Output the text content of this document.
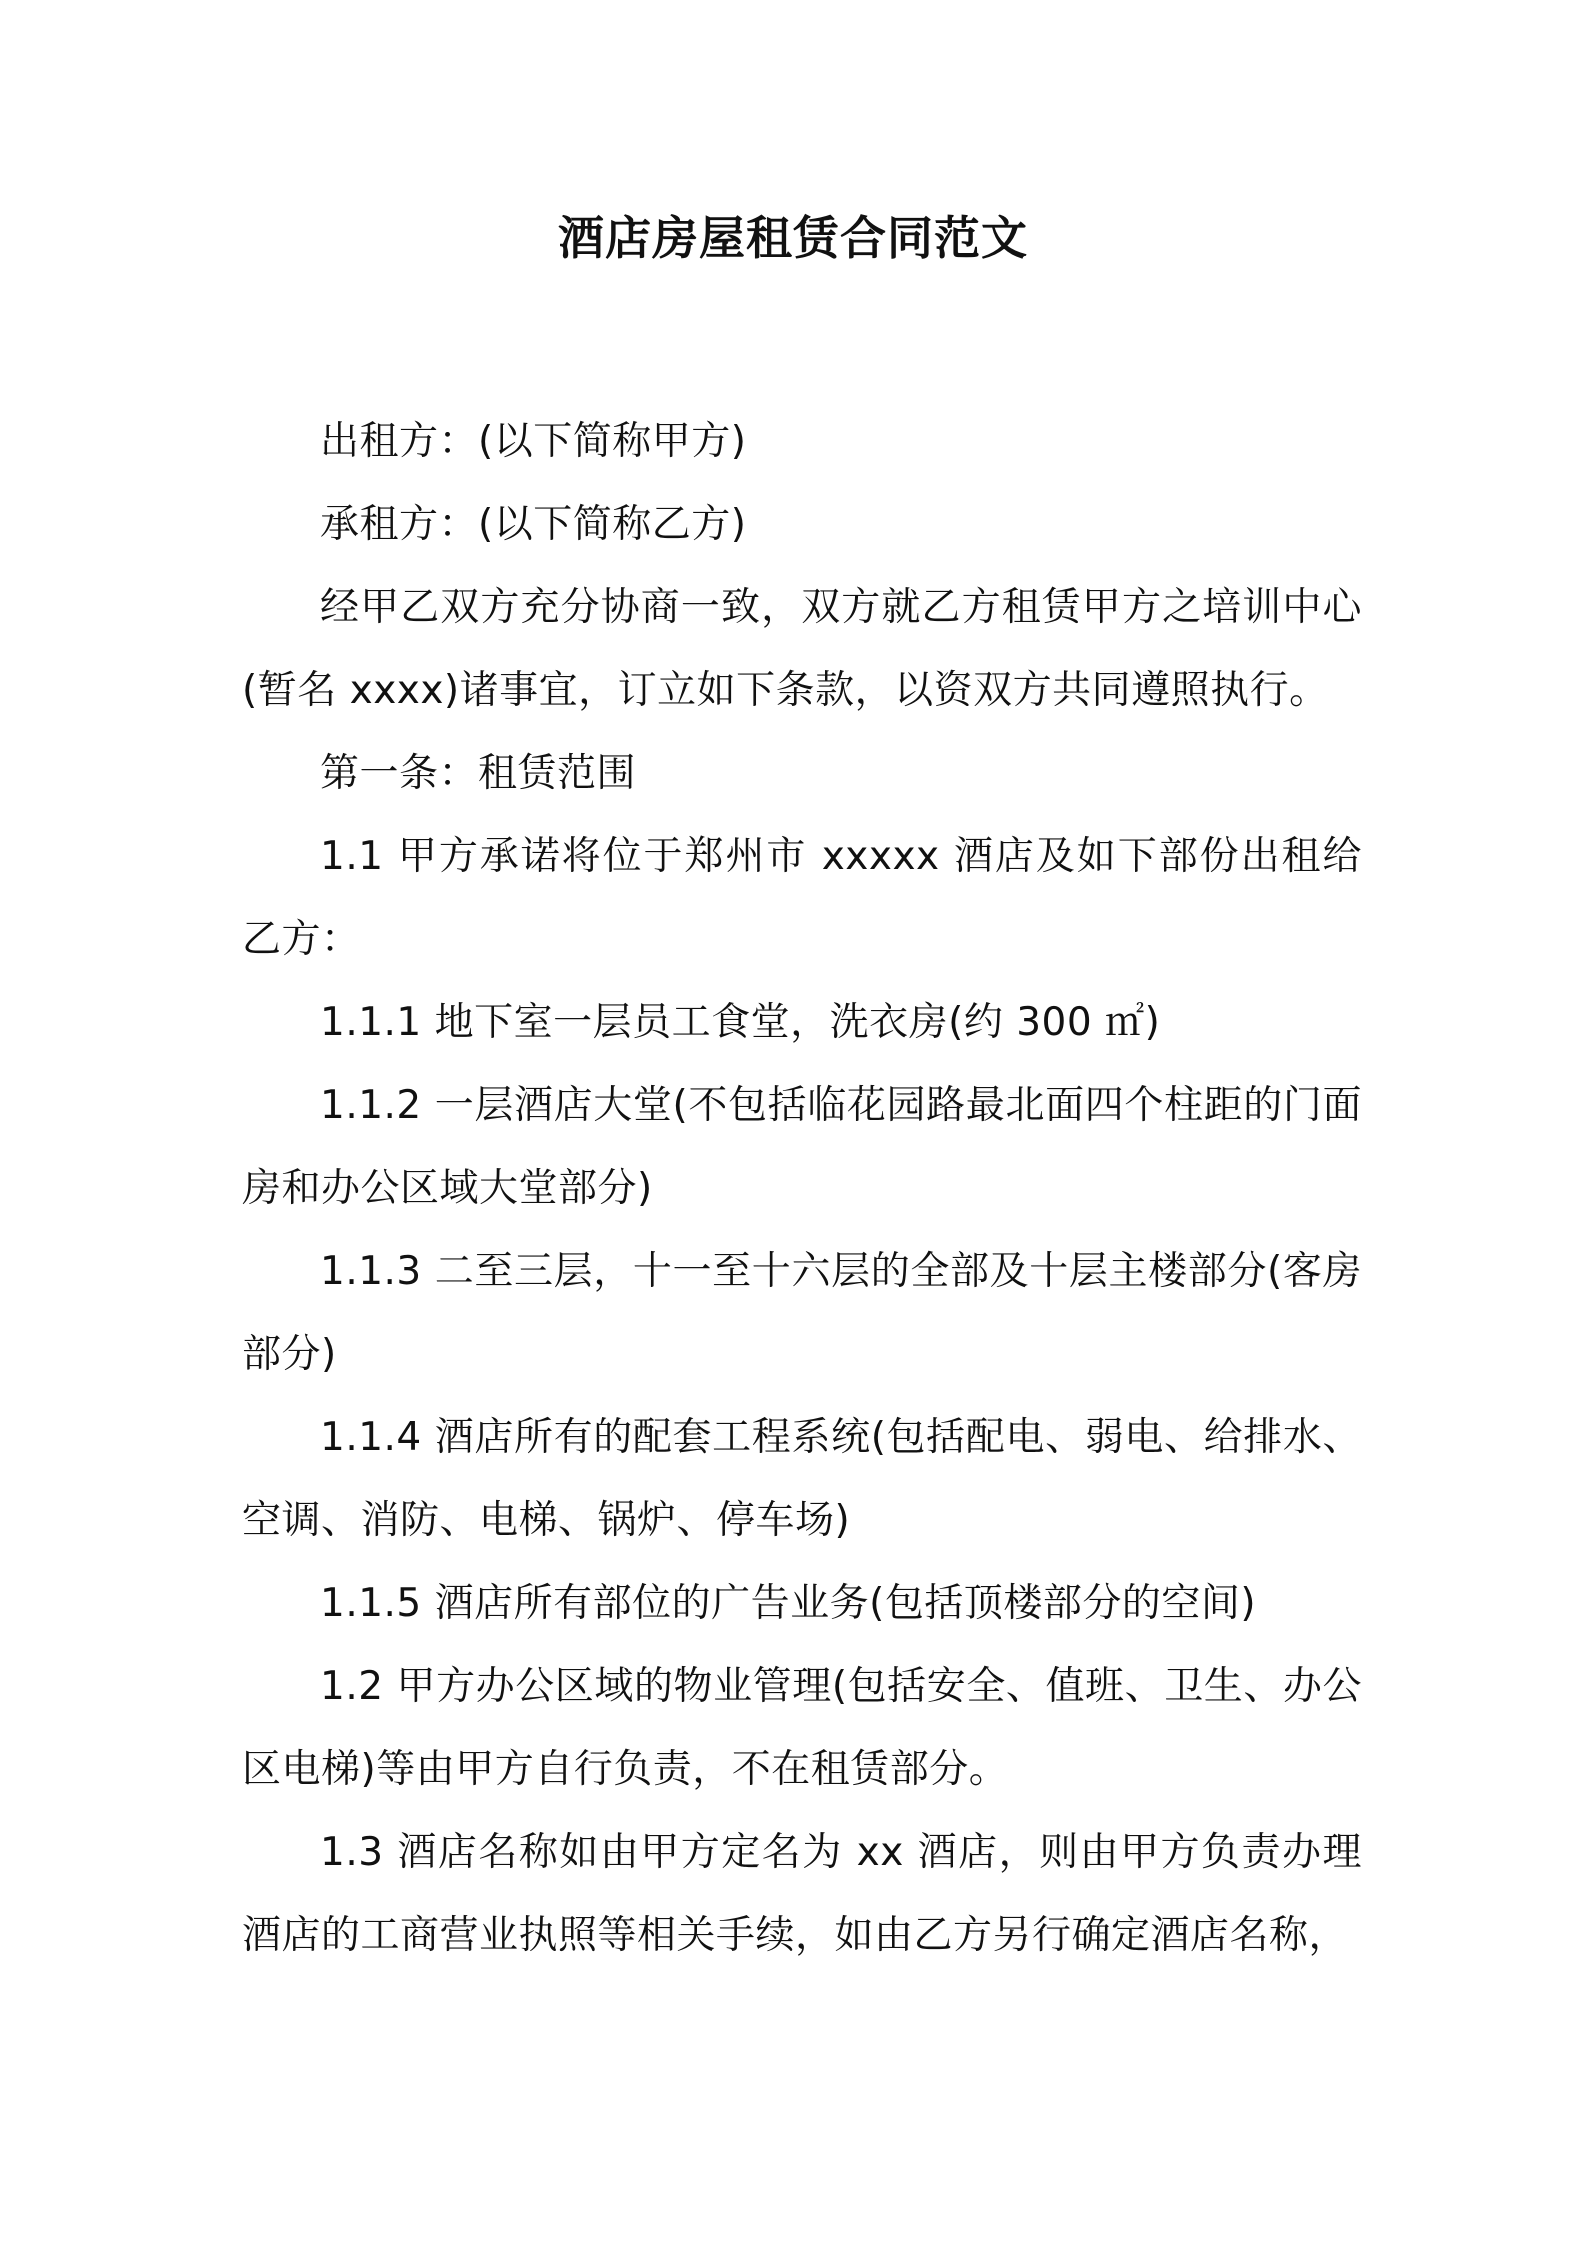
酒店房屋租赁合同范文

出租方：(以下简称甲方)

承租方：(以下简称乙方)

经甲乙双方充分协商一致，双方就乙方租赁甲方之培训中心(暂名 xxxx)诸事宜，订立如下条款，以资双方共同遵照执行。

第一条：租赁范围

1.1 甲方承诺将位于郑州市 xxxxx 酒店及如下部份出租给乙方：

1.1.1 地下室一层员工食堂，洗衣房(约 300 ㎡)

1.1.2 一层酒店大堂(不包括临花园路最北面四个柱距的门面房和办公区域大堂部分)

1.1.3 二至三层，十一至十六层的全部及十层主楼部分(客房部分)

1.1.4 酒店所有的配套工程系统(包括配电、弱电、给排水、空调、消防、电梯、锅炉、停车场)

1.1.5 酒店所有部位的广告业务(包括顶楼部分的空间)

1.2 甲方办公区域的物业管理(包括安全、值班、卫生、办公区电梯)等由甲方自行负责，不在租赁部分。

1.3 酒店名称如由甲方定名为 xx 酒店，则由甲方负责办理酒店的工商营业执照等相关手续，如由乙方另行确定酒店名称，
